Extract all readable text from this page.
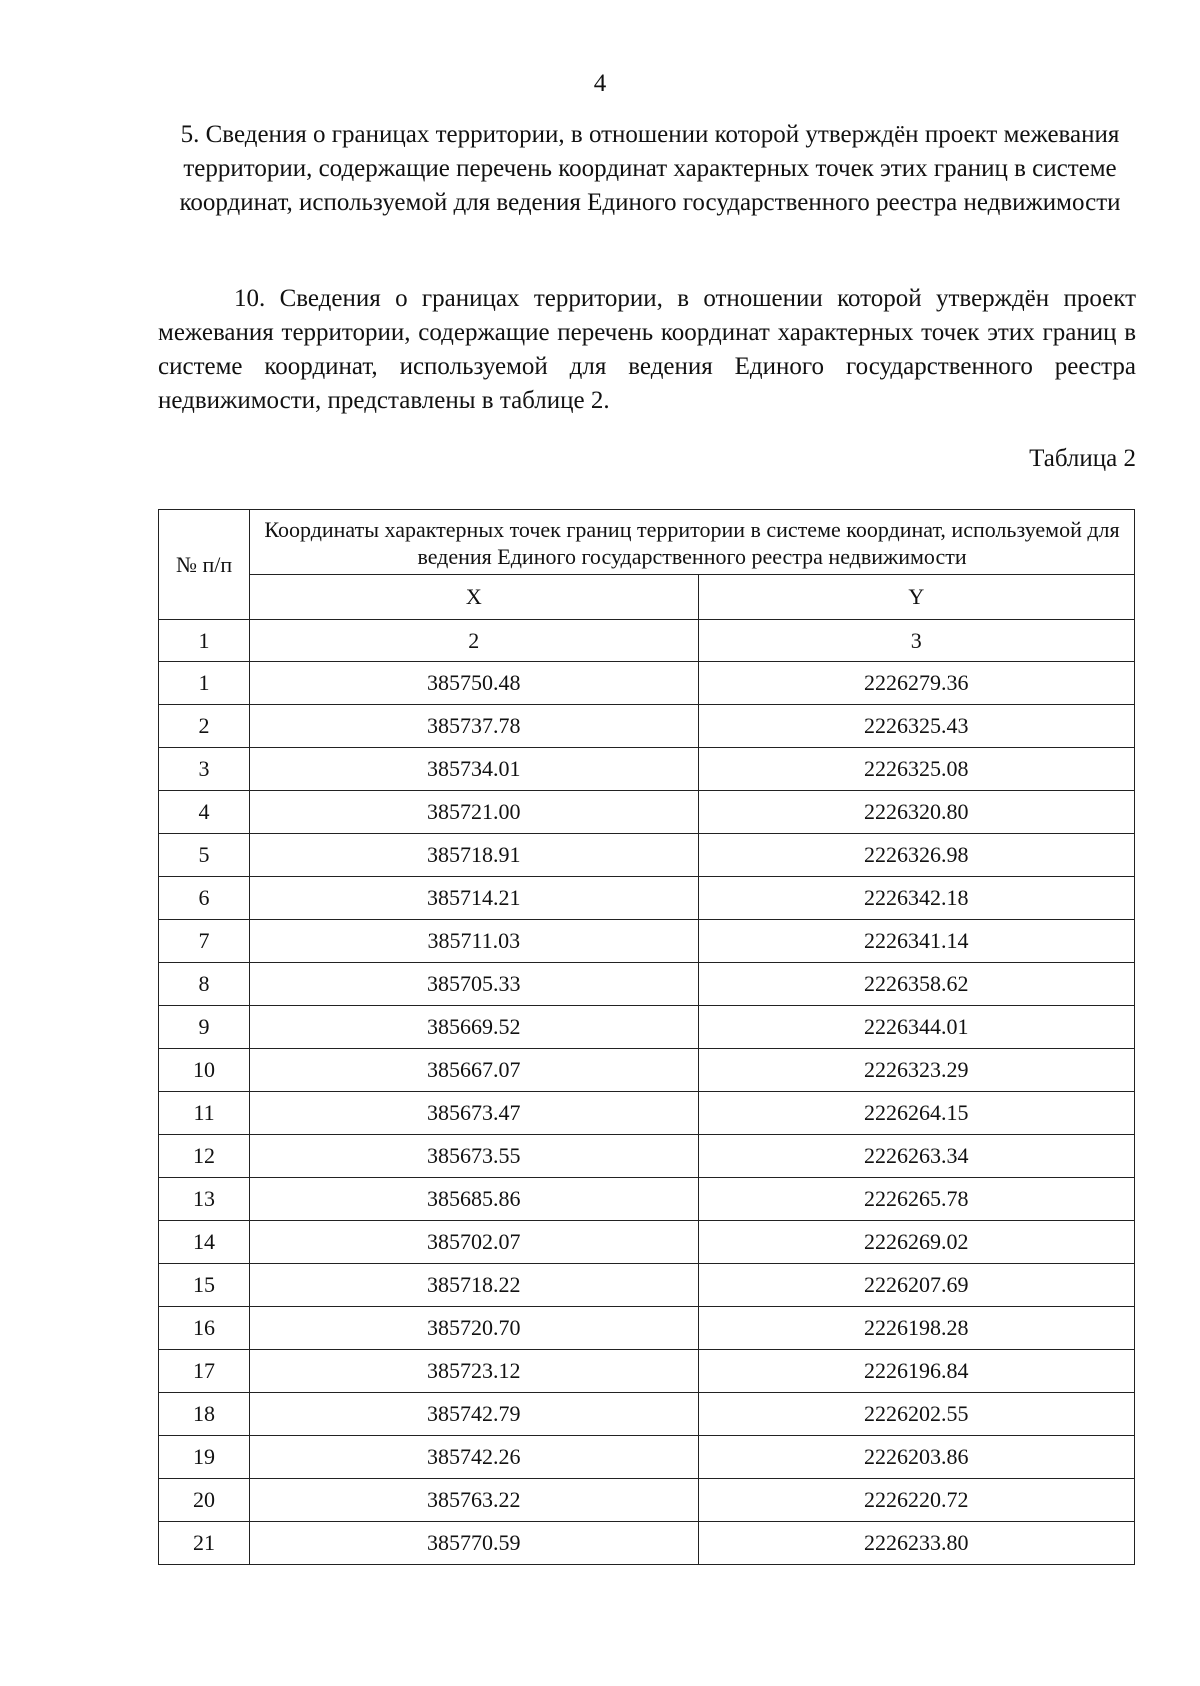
4
5. Сведения о границах территории, в отношении которой утверждён проект межевания территории, содержащие перечень координат характерных точек этих границ в системе координат, используемой для ведения Единого государственного реестра недвижимости
10. Сведения о границах территории, в отношении которой утверждён проект межевания территории, содержащие перечень координат характерных точек этих границ в системе координат, используемой для ведения Единого государственного реестра недвижимости, представлены в таблице 2.
Таблица 2
№ п/п	Координаты характерных точек границ территории в системе координат, используемой для ведения Единого государственного реестра недвижимости	
	X	Y
1	2	3
1	385750.48	2226279.36
2	385737.78	2226325.43
3	385734.01	2226325.08
4	385721.00	2226320.80
5	385718.91	2226326.98
6	385714.21	2226342.18
7	385711.03	2226341.14
8	385705.33	2226358.62
9	385669.52	2226344.01
10	385667.07	2226323.29
11	385673.47	2226264.15
12	385673.55	2226263.34
13	385685.86	2226265.78
14	385702.07	2226269.02
15	385718.22	2226207.69
16	385720.70	2226198.28
17	385723.12	2226196.84
18	385742.79	2226202.55
19	385742.26	2226203.86
20	385763.22	2226220.72
21	385770.59	2226233.80
